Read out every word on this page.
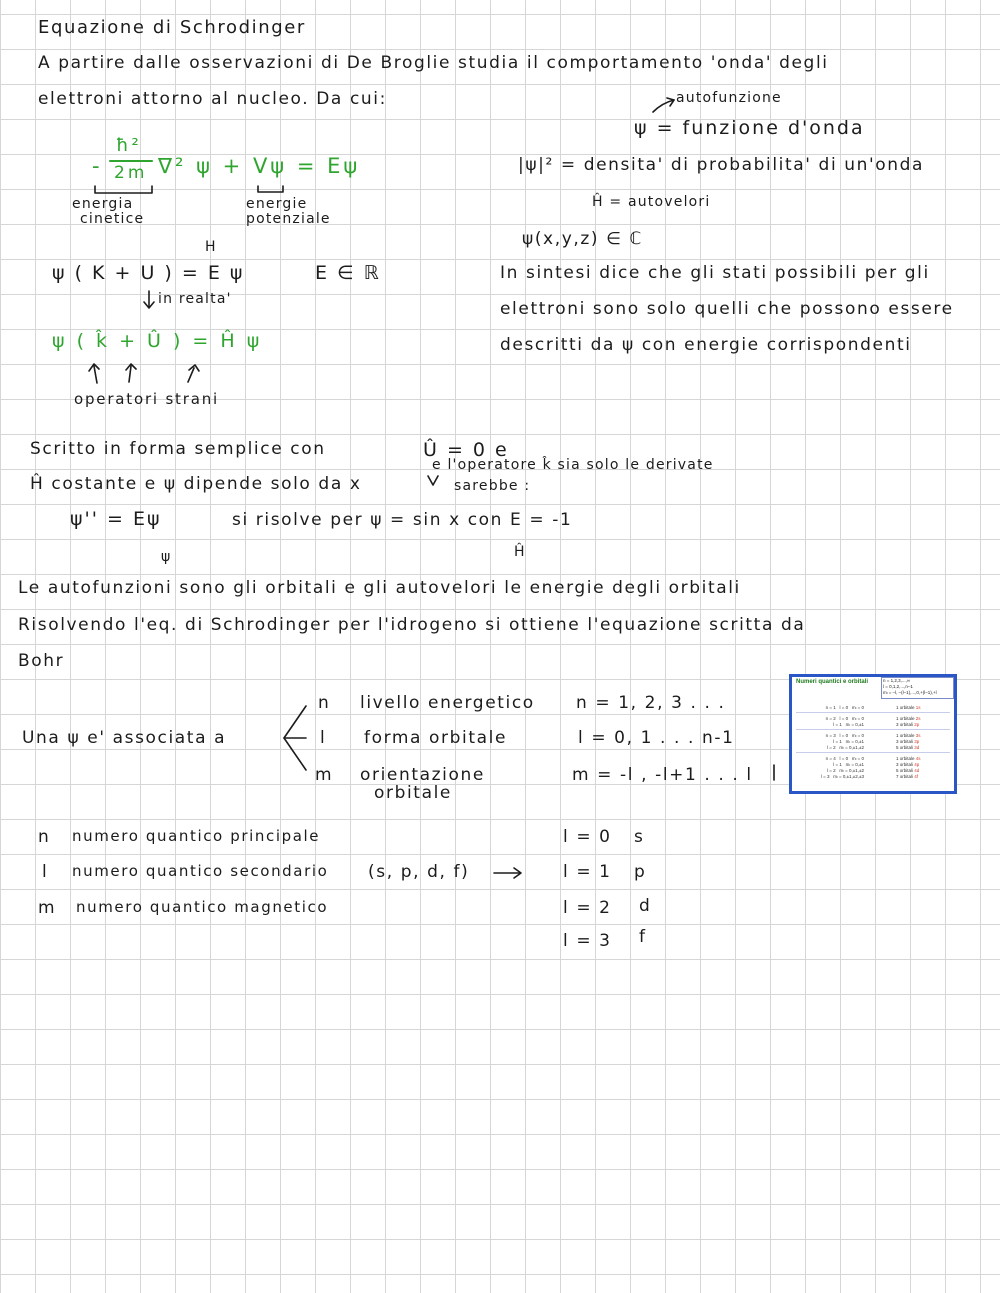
Equazione di Schrodinger
A partire dalle osservazioni di De Broglie studia il comportamento 'onda' degli
elettroni attorno al nucleo. Da cui:
-
ħ²
2m ∇² ψ + Vψ = Eψ
energia
cinetice
energie
potenziale
autofunzione
ψ = funzione d'onda
|ψ|² = densita' di probabilita' di un'onda
Ĥ = autovelori
ψ(x,y,z) ∈ ℂ
H
ψ ( K + U ) = E ψ	E ∈ ℝ
in realta'
ψ ( k̂ + Û ) = Ĥ ψ
operatori strani
In sintesi dice che gli stati possibili per gli
elettroni sono solo quelli che possono essere
descritti da ψ con energie corrispondenti
Scritto in forma semplice con	Û = 0 e
e l'operatore k̂ sia solo le derivate
Ĥ costante e ψ dipende solo da x	sarebbe :
ψ'' = Eψ	si risolve per ψ = sin x con E = -1
ψ	Ĥ
Le autofunzioni sono gli orbitali e gli autovelori le energie degli orbitali
Risolvendo l'eq. di Schrodinger per l'idrogeno si ottiene l'equazione scritta da
Bohr
Una ψ e' associata a
n livello energetico n = 1, 2, 3 . . .
l forma orbitale	l = 0, 1 . . . n-1
m orientazione
orbitale
m = -l , -l+1 . . . l
n numero quantico principale
l numero quantico secondario (s, p, d, f)
m numero quantico magnetico
l = 0 s
l = 1 p
l = 2 d
l = 3 f
Numeri quantici e orbitali	n = 1,2,3,...,∞
l = 0,1,2,...,n–1
mₗ = –l, –(l–1),...,0,+(l–1),+l
n = 1   l = 0   mₗ = 0	1 orbitale 1s
n = 2   l = 0   mₗ = 0	1 orbitale 2s
l = 1   mₗ = 0,±1	3 orbitali 2p
n = 3   l = 0   mₗ = 0	1 orbitale 3s
l = 1   mₗ = 0,±1	3 orbitali 3p
l = 2   mₗ = 0,±1,±2	5 orbitali 3d
n = 4   l = 0   mₗ = 0	1 orbitale 4s
l = 1   mₗ = 0,±1	3 orbitali 4p
l = 2   mₗ = 0,±1,±2	5 orbitali 4d
l = 3   mₗ = 0,±1,±2,±3	7 orbitali 4f
